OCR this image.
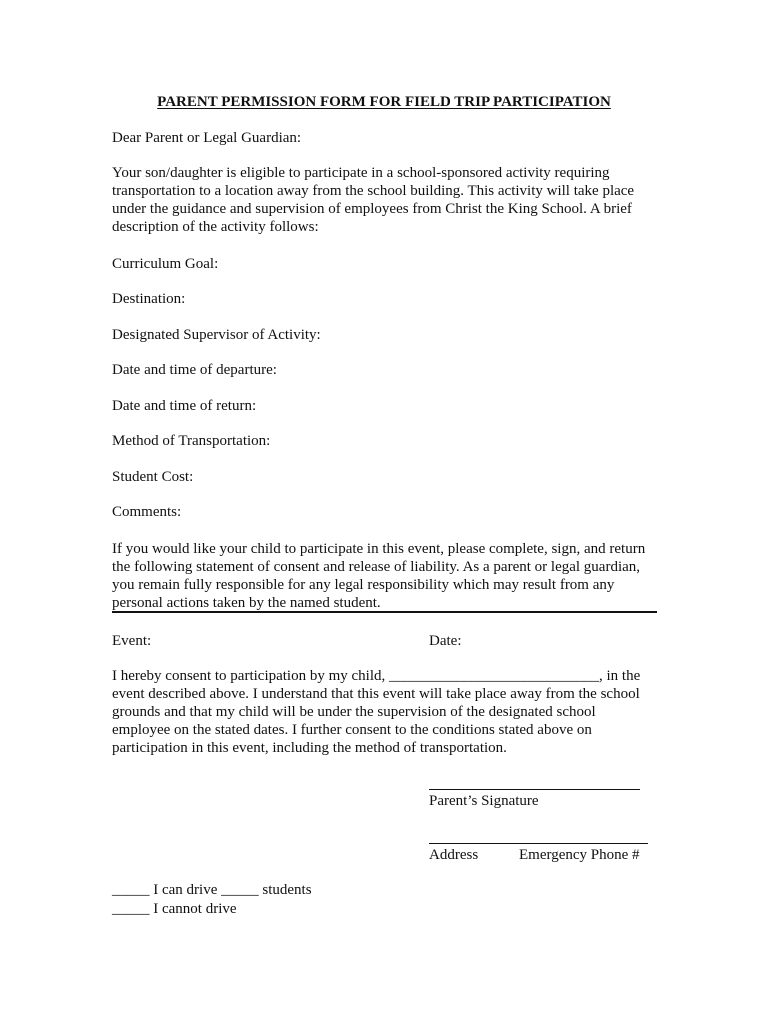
PARENT PERMISSION FORM FOR FIELD TRIP PARTICIPATION
Dear Parent or Legal Guardian:
Your son/daughter is eligible to participate in a school-sponsored activity requiring
transportation to a location away from the school building. This activity will take place
under the guidance and supervision of employees from Christ the King School. A brief
description of the activity follows:
Curriculum Goal:
Destination:
Designated Supervisor of Activity:
Date and time of departure:
Date and time of return:
Method of Transportation:
Student Cost:
Comments:
If you would like your child to participate in this event, please complete, sign, and return
the following statement of consent and release of liability. As a parent or legal guardian,
you remain fully responsible for any legal responsibility which may result from any
personal actions taken by the named student.
Event:	Date:
I hereby consent to participation by my child, ____________________________, in the
event described above. I understand that this event will take place away from the school
grounds and that my child will be under the supervision of the designated school
employee on the stated dates. I further consent to the conditions stated above on
participation in this event, including the method of transportation.
Parent’s Signature
Address	Emergency Phone #
_____ I can drive _____ students
_____ I cannot drive
